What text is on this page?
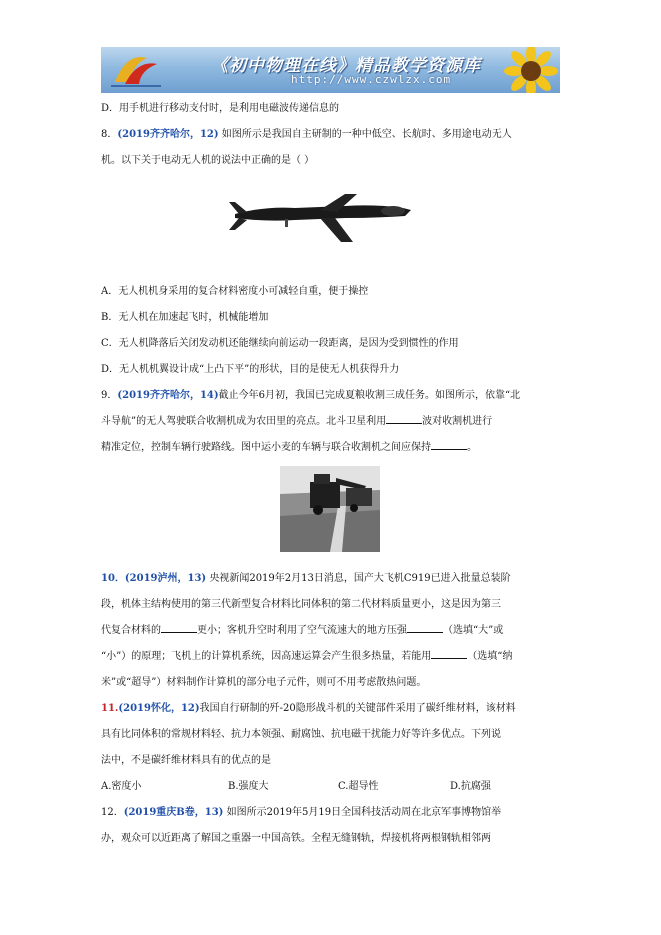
《初中物理在线》精品教学资源库
http://www.czwlzx.com
D．用手机进行移动支付时，是利用电磁波传递信息的
8．(2019齐齐哈尔，12) 如图所示是我国自主研制的一种中低空、长航时、多用途电动无人
机。以下关于电动无人机的说法中正确的是（ ）
A．无人机机身采用的复合材料密度小可减轻自重，便于操控
B．无人机在加速起飞时，机械能增加
C．无人机降落后关闭发动机还能继续向前运动一段距离，是因为受到惯性的作用
D．无人机机翼设计成“上凸下平”的形状，目的是使无人机获得升力
9．(2019齐齐哈尔，14)截止今年6月初，我国已完成夏粮收割三成任务。如图所示，依靠“北
斗导航”的无人驾驶联合收割机成为农田里的亮点。北斗卫星利用	波对收割机进行
精准定位，控制车辆行驶路线。图中运小麦的车辆与联合收割机之间应保持	。
10．(2019泸州，13) 央视新闻2019年2月13日消息，国产大飞机C919已进入批量总装阶
段，机体主结构使用的第三代新型复合材料比同体积的第二代材料质量更小，这是因为第三
代复合材料的	更小；客机升空时利用了空气流速大的地方压强	（选填“大”或
“小”）的原理；飞机上的计算机系统，因高速运算会产生很多热量，若能用	（选填“纳
米”或“超导”）材料制作计算机的部分电子元件，则可不用考虑散热问题。
11.(2019怀化，12)我国自行研制的歼-20隐形战斗机的关键部件采用了碳纤维材料，该材料
具有比同体积的常规材料轻、抗力本领强、耐腐蚀、抗电磁干扰能力好等许多优点。下列说
法中，不是碳纤维材料具有的优点的是
A.密度小	B.强度大	C.超导性	D.抗腐强
12．(2019重庆B卷，13) 如图所示2019年5月19日全国科技活动周在北京军事博物馆举
办，观众可以近距离了解国之重器一中国高铁。全程无缝钢轨，焊接机将两根钢轨相邻两
